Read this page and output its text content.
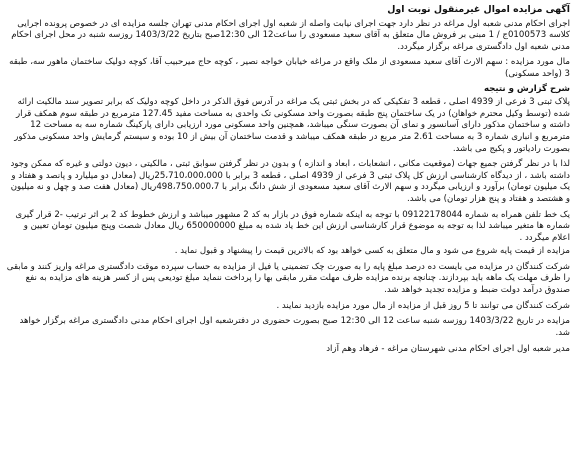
آگهی مزایده اموال غیرمنقول نوبت اول

اجرای احکام مدنی شعبه اول مراغه در نظر دارد جهت اجرای نیابت واصله از شعبه اول اجرای احکام مدنی تهران جلسه مزایده ای در خصوص پرونده اجرایی کلاسه 0100573ج / 1 مبنی بر فروش مال متعلق به آقای سعید مسعودی را ساعت12 الی 12:30صبح بتاریخ 1403/3/22 روزسه شنبه در محل اجرای احکام مدنی شعبه اول دادگستری مراغه برگزار میگردد.

مال مورد مزایده : سهم الارث آقای سعید مسعودی از ملک واقع در مراغه خیابان خواجه نصیر ، کوچه حاج میرحبیب آقا، کوچه دولیک ساختمان ماهور سه، طبقه 3 (واحد مسکونی)

شرح گزارش و نتیجه

پلاک ثبتی 3 فرعی از 4939 اصلی ، قطعه 3 تفکیکی که در بخش ثبتی یک مراغه در آدرس فوق الذکر در داخل کوچه دولیک که برابر تصویر سند مالکیت ارائه شده (توسط وکیل محترم خواهان) در یک ساختمان پنج طبقه بصورت واحد مسکونی تک واحدی به مساحت مفید 127.45 مترمربع در طبقه سوم همکف قرار داشته و ساختمان مذکور دارای آسانسور و نمای آن بصورت سنگی میباشد، همچنین واحد مسکونی مورد ارزیابی دارای پارکینگ شماره سه به مساحت 12 مترمربع و انباری شماره 3 به مساحت 2.61 متر مربع در طبقه همکف میباشد و قدمت ساختمان آن بیش از 10 بوده و سیستم گرمایش واحد مسکونی مذکور بصورت رادیاتور و پکیج می باشد.

لذا با در نظر گرفتن جمیع جهات (موقعیت مکانی ، انشعابات ، ابعاد و اندازه ) و بدون در نظر گرفتن سوابق ثبتی ، مالکیتی ، دیون دولتی و غیره که ممکن وجود داشته باشد ، از دیدگاه کارشناسی ارزش کل پلاک ثبتی 3 فرعی از 4939 اصلی ، قطعه 3 برابر با 25،710،000،000ریال (معادل دو میلیارد و پانصد و هفتاد و یک میلیون تومان) برآورد و ارزیابی میگردد و سهم الارث آقای سعید مسعودی از شش دانگ برابر با 498،750،000،7ریال (معادل هفت صد و چهل و نه میلیون و هشتصد و هفتاد و پنج هزار تومان) می باشد.

یک خط تلفن همراه به شماره 09122178044 با توجه به اینکه شماره فوق در بازار به کد 2 مشهور میباشد و ارزش خطوط کد 2 بر اثر ترتیب -2 قرار گیری شماره ها متغیر میباشد لذا به توجه به موضوع قرار کارشناسی ارزش این خط یاد شده به مبلغ 650000000 ریال معادل شصت وپنج میلیون تومان تعیین و اعلام میگردد .

مزایده از قیمت پایه شروع می شود و مال متعلق به کسی خواهد بود که بالاترین قیمت را پیشنهاد و قبول نماید .

شرکت کنندگان در مزایده می بایست ده درصد مبلغ پایه را به صورت چک تضمینی یا فیل از مزایده به حساب سپرده موقت دادگستری مراغه واریز کنند و مابقی را ظرف مهلت یک ماهه باید بپردازند. چنانچه برنده مزایده ظرف مهلت مقرر مابقی بها را پرداخت ننماید مبلغ تودیعی پس از کسر هزینه های مزایده به نفع صندوق درآمد دولت ضبط و مزایده تجدید خواهد شد.

شرکت کنندگان می توانند تا 5 روز قبل از مزایده از مال مورد مزایده بازدید نمایند .

مزایده در تاریخ 1403/3/22 روزسه شنبه ساعت 12 الی 12:30 صبح بصورت حضوری در دفترشعبه اول اجرای احکام مدنی دادگستری مراغه برگزار خواهد شد.

مدیر شعبه اول اجرای احکام مدنی شهرستان مراغه - فرهاد وهم آزاد
